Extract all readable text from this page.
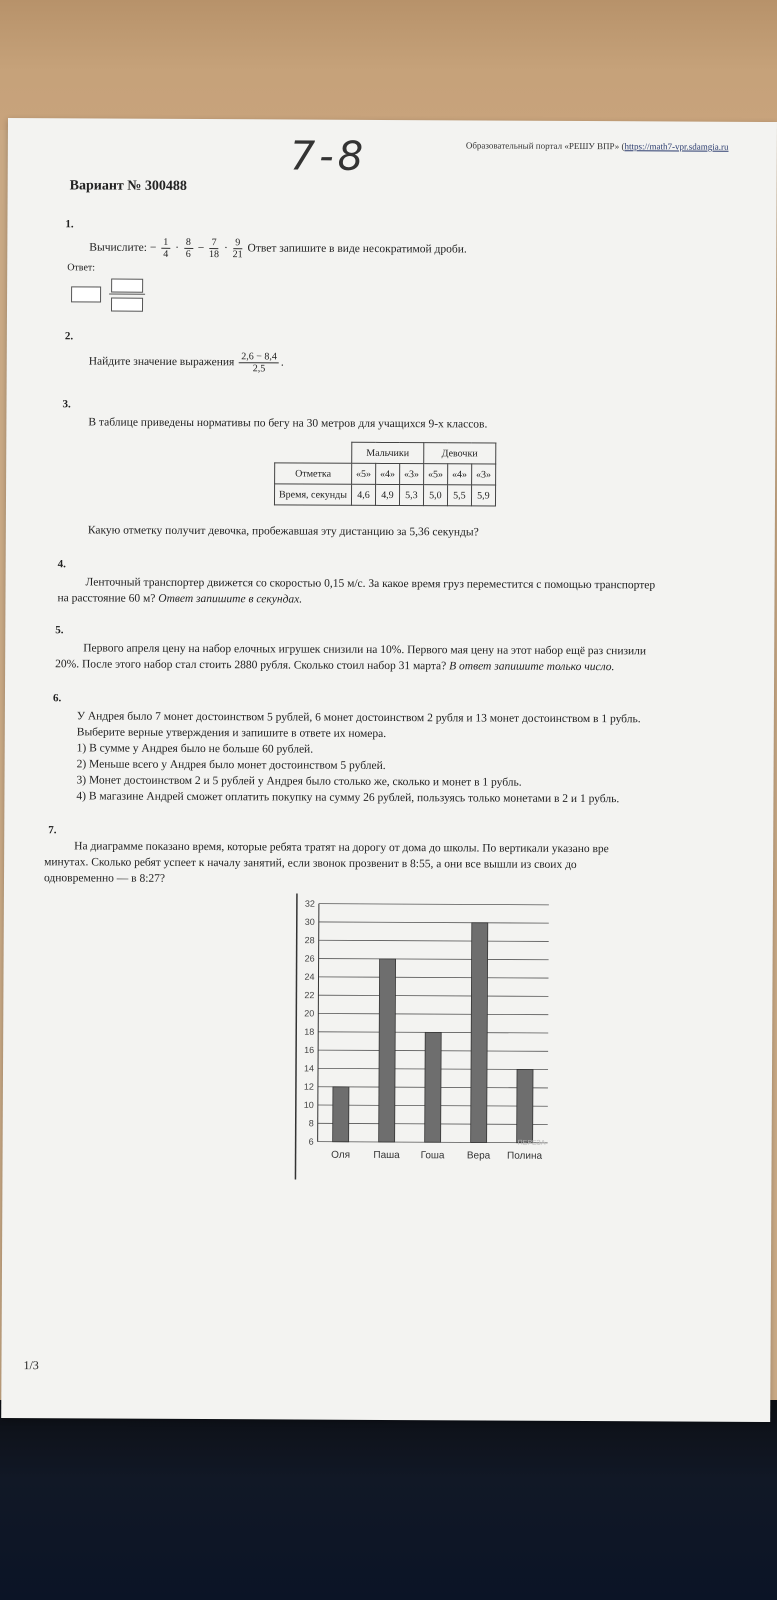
7-8	Образовательный портал «РЕШУ ВПР» (https://math7-vpr.sdamgia.ru
Вариант № 300488
1.
Вычислите: − $\frac{1}{4} \cdot \frac{8}{6} - \frac{7}{18} \cdot \frac{9}{21}$ Ответ запишите в виде несократимой дроби.
Ответ:
2.
Найдите значение выражения $\frac{2,6 - 8,4}{2,5}$ .
3.
В таблице приведены нормативы по бегу на 30 метров для учащихся 9-х классов.
	Мальчики			Девочки		
Отметка	«5»	«4»	«3»	«5»	«4»	«3»
Время, секунды	4,6	4,9	5,3	5,0	5,5	5,9
Какую отметку получит девочка, пробежавшая эту дистанцию за 5,36 секунды?
4.
Ленточный транспортер движется со скоростью 0,15 м/с. За какое время груз переместится с помощью транспортер
на расстояние 60 м? Ответ запишите в секундах.
5.
Первого апреля цену на набор елочных игрушек снизили на 10%. Первого мая цену на этот набор ещё раз снизили
20%. После этого набор стал стоить 2880 рубля. Сколько стоил набор 31 марта? В ответ запишите только число.
6.
У Андрея было 7 монет достоинством 5 рублей, 6 монет достоинством 2 рубля и 13 монет достоинством в 1 рубль.
Выберите верные утверждения и запишите в ответе их номера.
1) В сумме у Андрея было не больше 60 рублей.
2) Меньше всего у Андрея было монет достоинством 5 рублей.
3) Монет достоинством 2 и 5 рублей у Андрея было столько же, сколько и монет в 1 рубль.
4) В магазине Андрей сможет оплатить покупку на сумму 26 рублей, пользуясь только монетами в 2 и 1 рубль.
7.
На диаграмме показано время, которые ребята тратят на дорогу от дома до школы. По вертикали указано вре
минутах. Сколько ребят успеет к началу занятий, если звонок прозвенит в 8:55, а они все вышли из своих до
одновременно — в 8:27?
32
30
28
26
24
22
20
18
16
14
12
10
8
6
Оля Паша Гоша Вера Полина
ПЕРЕЗА
1/3
